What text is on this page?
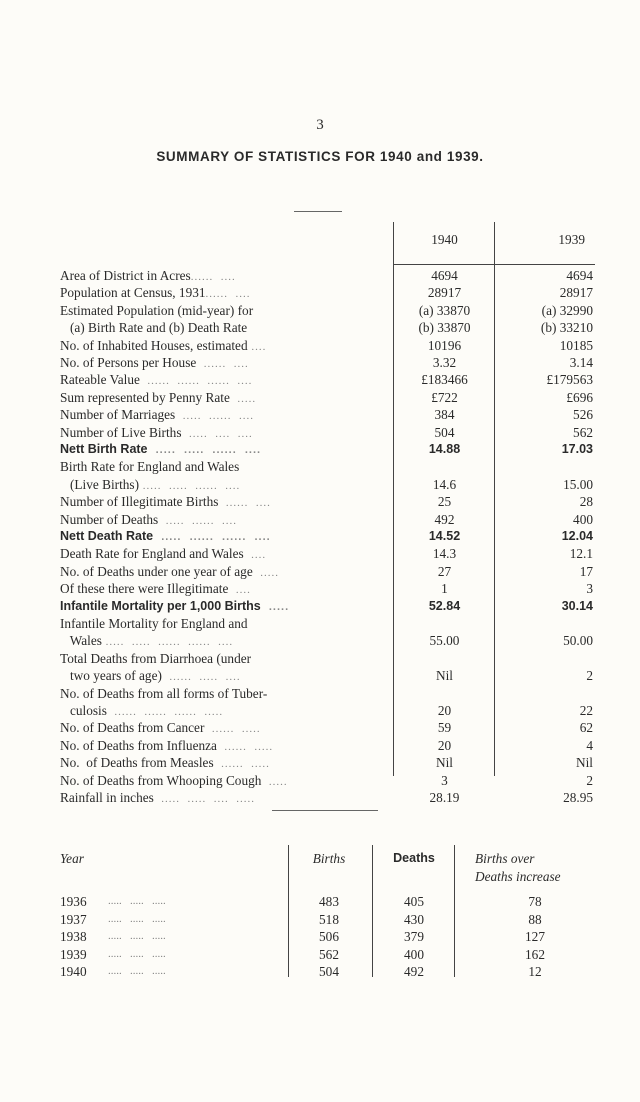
3
SUMMARY OF STATISTICS FOR 1940 and 1939.
1940	1939
Area of District in Acres......  ....	4694	4694
Population at Census, 1931......  ....	28917	28917
Estimated Population (mid-year) for	(a) 33870	(a) 32990
(a) Birth Rate and (b) Death Rate	(b) 33870	(b) 33210
No. of Inhabited Houses, estimated ....	10196	10185
No. of Persons per House  ......  ....	3.32	3.14
Rateable Value  ......  ......  ......  ....	£183466	£179563
Sum represented by Penny Rate  .....	£722	£696
Number of Marriages  .....  ......  ....	384	526
Number of Live Births  .....  ....  ....	504	562
Nett Birth Rate  .....  .....  ......  ....	14.88	17.03
Birth Rate for England and Wales
(Live Births) .....  .....  ......  ....	14.6	15.00
Number of Illegitimate Births  ......  ....	25	28
Number of Deaths  .....  ......  ....	492	400
Nett Death Rate  .....  ......  ......  ....	14.52	12.04
Death Rate for England and Wales  ....	14.3	12.1
No. of Deaths under one year of age  .....	27	17
Of these there were Illegitimate  ....	1	3
Infantile Mortality per 1,000 Births  .....	52.84	30.14
Infantile Mortality for England and
Wales .....  .....  ......  ......  ....	55.00	50.00
Total Deaths from Diarrhoea (under
two years of age)  ......  .....  ....	Nil	2
No. of Deaths from all forms of Tuber-
culosis  ......  ......  ......  .....	20	22
No. of Deaths from Cancer  ......  .....	59	62
No. of Deaths from Influenza  ......  .....	20	4
No.  of Deaths from Measles  ......  .....	Nil	Nil
No. of Deaths from Whooping Cough  .....	3	2
Rainfall in inches  .....  .....  ....  .....	28.19	28.95
Year	Births	Deaths	Births over
Deaths increase
1936 .....   .....   .....	483	405	78
1937 .....   .....   .....	518	430	88
1938 .....   .....   .....	506	379	127
1939 .....   .....   .....	562	400	162
1940 .....   .....   .....	504	492	12
